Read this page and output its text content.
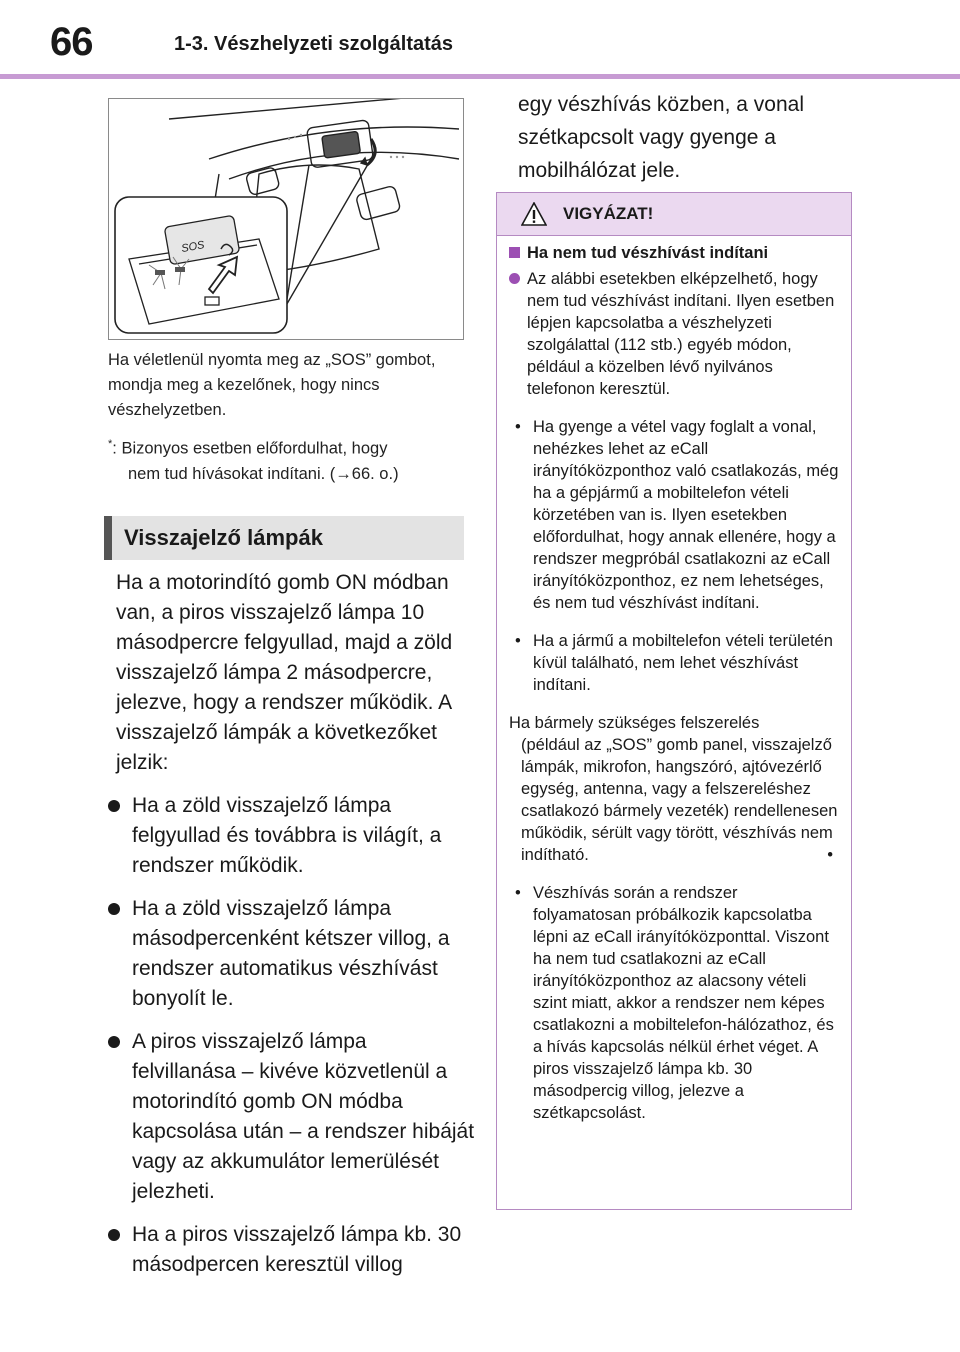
66	1-3. Vészhelyzeti szolgáltatás
SOS
Ha véletlenül nyomta meg az „SOS” gombot, mondja meg a kezelőnek, hogy nincs vészhelyzetben.
*: Bizonyos esetben előfordulhat, hogy
nem tud hívásokat indítani. (→66. o.)
Visszajelző lámpák

Ha a motorindító gomb ON módban van, a piros visszajelző lámpa 10 másodpercre felgyullad, majd a zöld visszajelző lámpa 2 másodpercre, jelezve, hogy a rendszer működik. A visszajelző lámpák a következőket jelzik:

Ha a zöld visszajelző lámpa felgyullad és továbbra is világít, a rendszer működik.
Ha a zöld visszajelző lámpa másodpercenként kétszer villog, a rendszer automatikus vészhívást bonyolít le.
A piros visszajelző lámpa felvillanása – kivéve közvetlenül a motorindító gomb ON módba kapcsolása után – a rendszer hibáját vagy az akkumulátor lemerülését jelezheti.
Ha a piros visszajelző lámpa kb. 30 másodpercen keresztül villog
egy vészhívás közben, a vonal szétkapcsolt vagy gyenge a mobilhálózat jele.
VIGYÁZAT!
Ha nem tud vészhívást indítani
Az alábbi esetekben elképzelhető, hogy nem tud vészhívást indítani. Ilyen esetben lépjen kapcsolatba a vészhelyzeti szolgálattal (112 stb.) egyéb módon, például a közelben lévő nyilvános telefonon keresztül.
• Ha gyenge a vétel vagy foglalt a vonal, nehézkes lehet az eCall irányítóközponthoz való csatlakozás, még ha a gépjármű a mobiltelefon vételi körzetében van is. Ilyen esetekben előfordulhat, hogy annak ellenére, hogy a rendszer megpróbál csatlakozni az eCall irányítóközponthoz, ez nem lehetséges, és nem tud vészhívást indítani.
• Ha a jármű a mobiltelefon vételi területén kívül található, nem lehet vészhívást indítani.
Ha bármely szükséges felszerelés
(például az „SOS” gomb panel, visszajelző lámpák, mikrofon, hangszóró, ajtóvezérlő egység, antenna, vagy a felszereléshez csatlakozó bármely vezeték) rendellenesen működik, sérült vagy törött, vészhívás nem indítható.	•
• Vészhívás során a rendszer folyamatosan próbálkozik kapcsolatba lépni az eCall irányítóközponttal. Viszont ha nem tud csatlakozni az eCall irányítóközponthoz az alacsony vételi szint miatt, akkor a rendszer nem képes csatlakozni a mobiltelefon-hálózathoz, és a hívás kapcsolás nélkül érhet véget. A piros visszajelző lámpa kb. 30 másodpercig villog, jelezve a szétkapcsolást.
